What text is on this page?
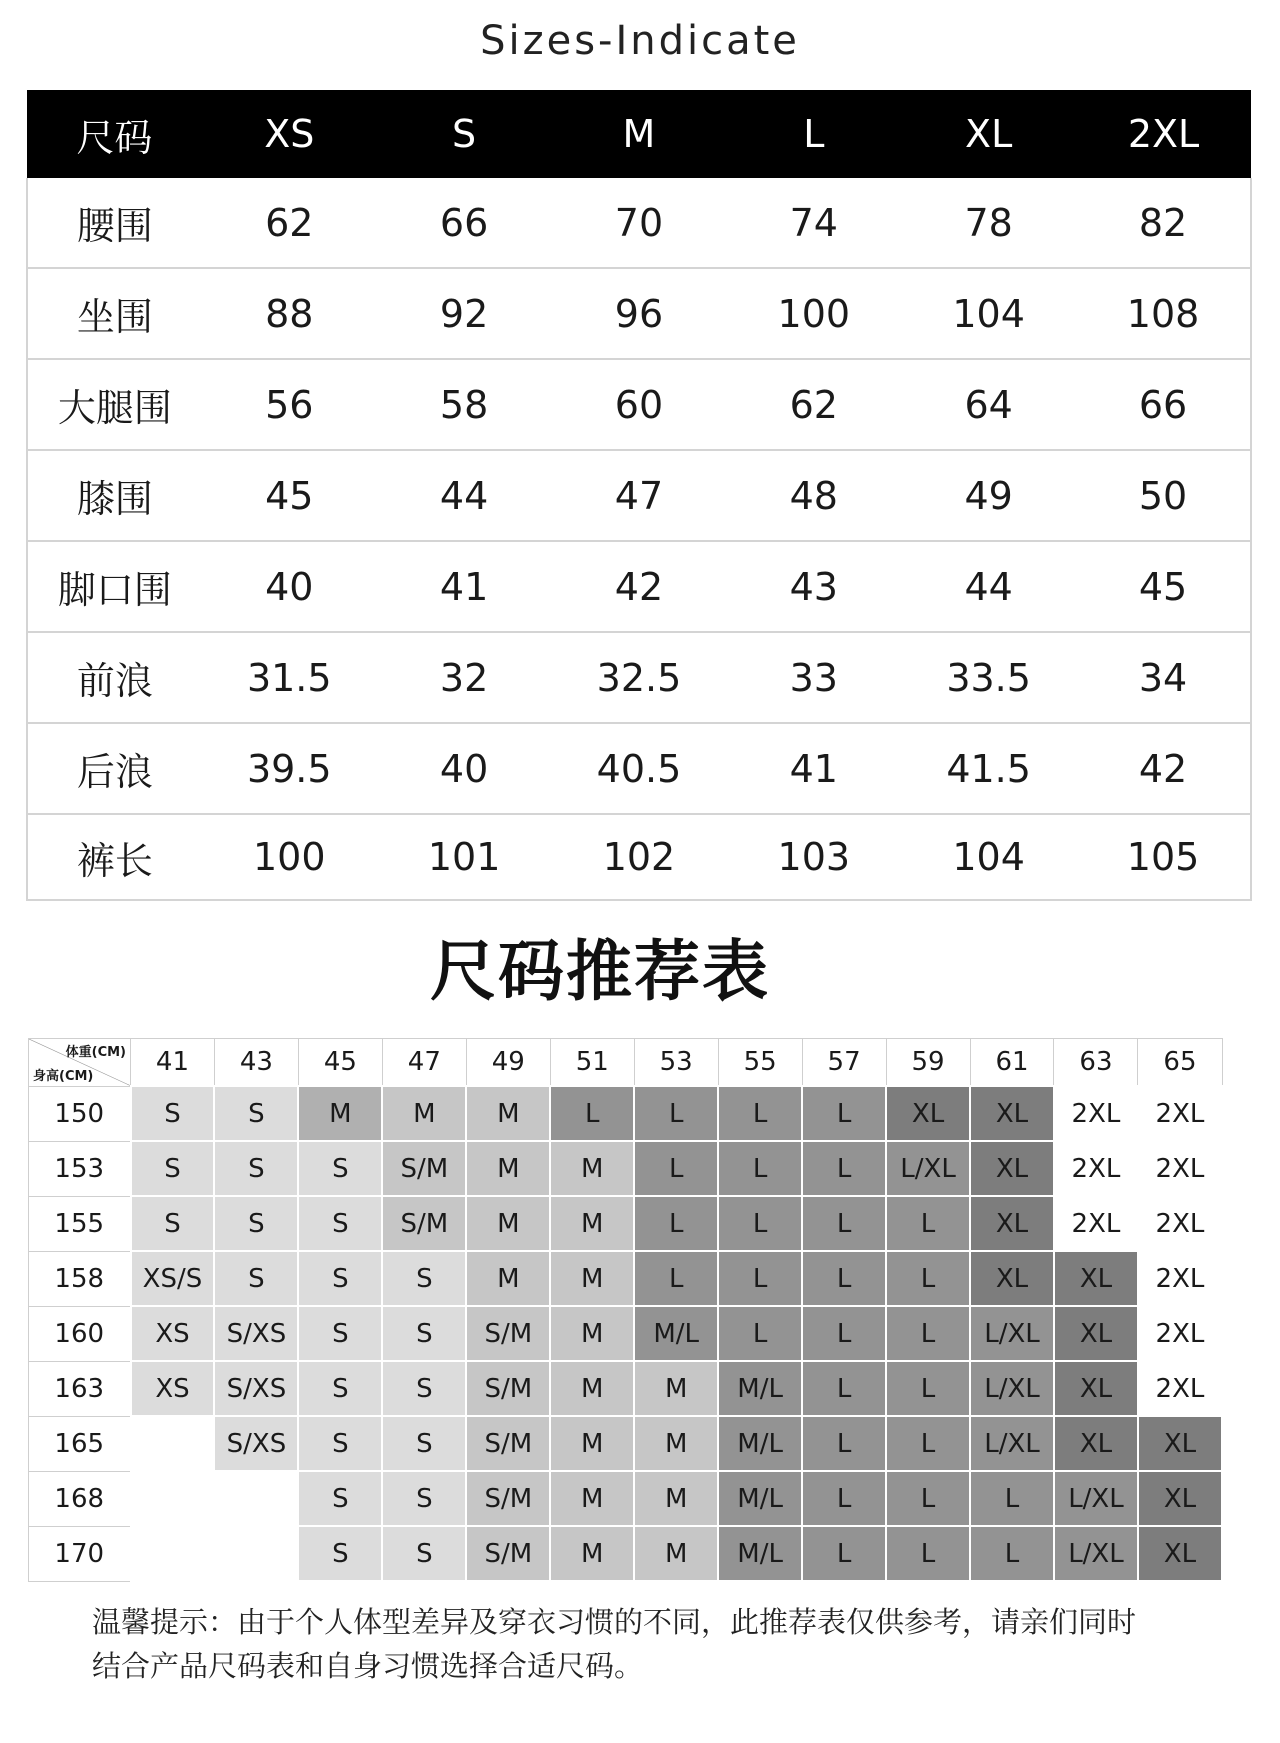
Sizes-Indicate
尺码	XS	S	M	L	XL	2XL
腰围	62	66	70	74	78	82
坐围	88	92	96	100	104	108
大腿围	56	58	60	62	64	66
膝围	45	44	47	48	49	50
脚口围	40	41	42	43	44	45
前浪	31.5	32	32.5	33	33.5	34
后浪	39.5	40	40.5	41	41.5	42
裤长	100	101	102	103	104	105
尺码推荐表
体重(CM)
身高(CM)	41	43	45	47	49	51	53	55	57	59	61	63	65
150	S	S	M	M	M	L	L	L	L	XL	XL	2XL	2XL
153	S	S	S	S/M	M	M	L	L	L	L/XL	XL	2XL	2XL
155	S	S	S	S/M	M	M	L	L	L	L	XL	2XL	2XL
158	XS/S	S	S	S	M	M	L	L	L	L	XL	XL	2XL
160	XS	S/XS	S	S	S/M	M	M/L	L	L	L	L/XL	XL	2XL
163	XS	S/XS	S	S	S/M	M	M	M/L	L	L	L/XL	XL	2XL
165		S/XS	S	S	S/M	M	M	M/L	L	L	L/XL	XL	XL
168			S	S	S/M	M	M	M/L	L	L	L	L/XL	XL
170			S	S	S/M	M	M	M/L	L	L	L	L/XL	XL
温馨提示：由于个人体型差异及穿衣习惯的不同，此推荐表仅供参考，请亲们同时
结合产品尺码表和自身习惯选择合适尺码。
